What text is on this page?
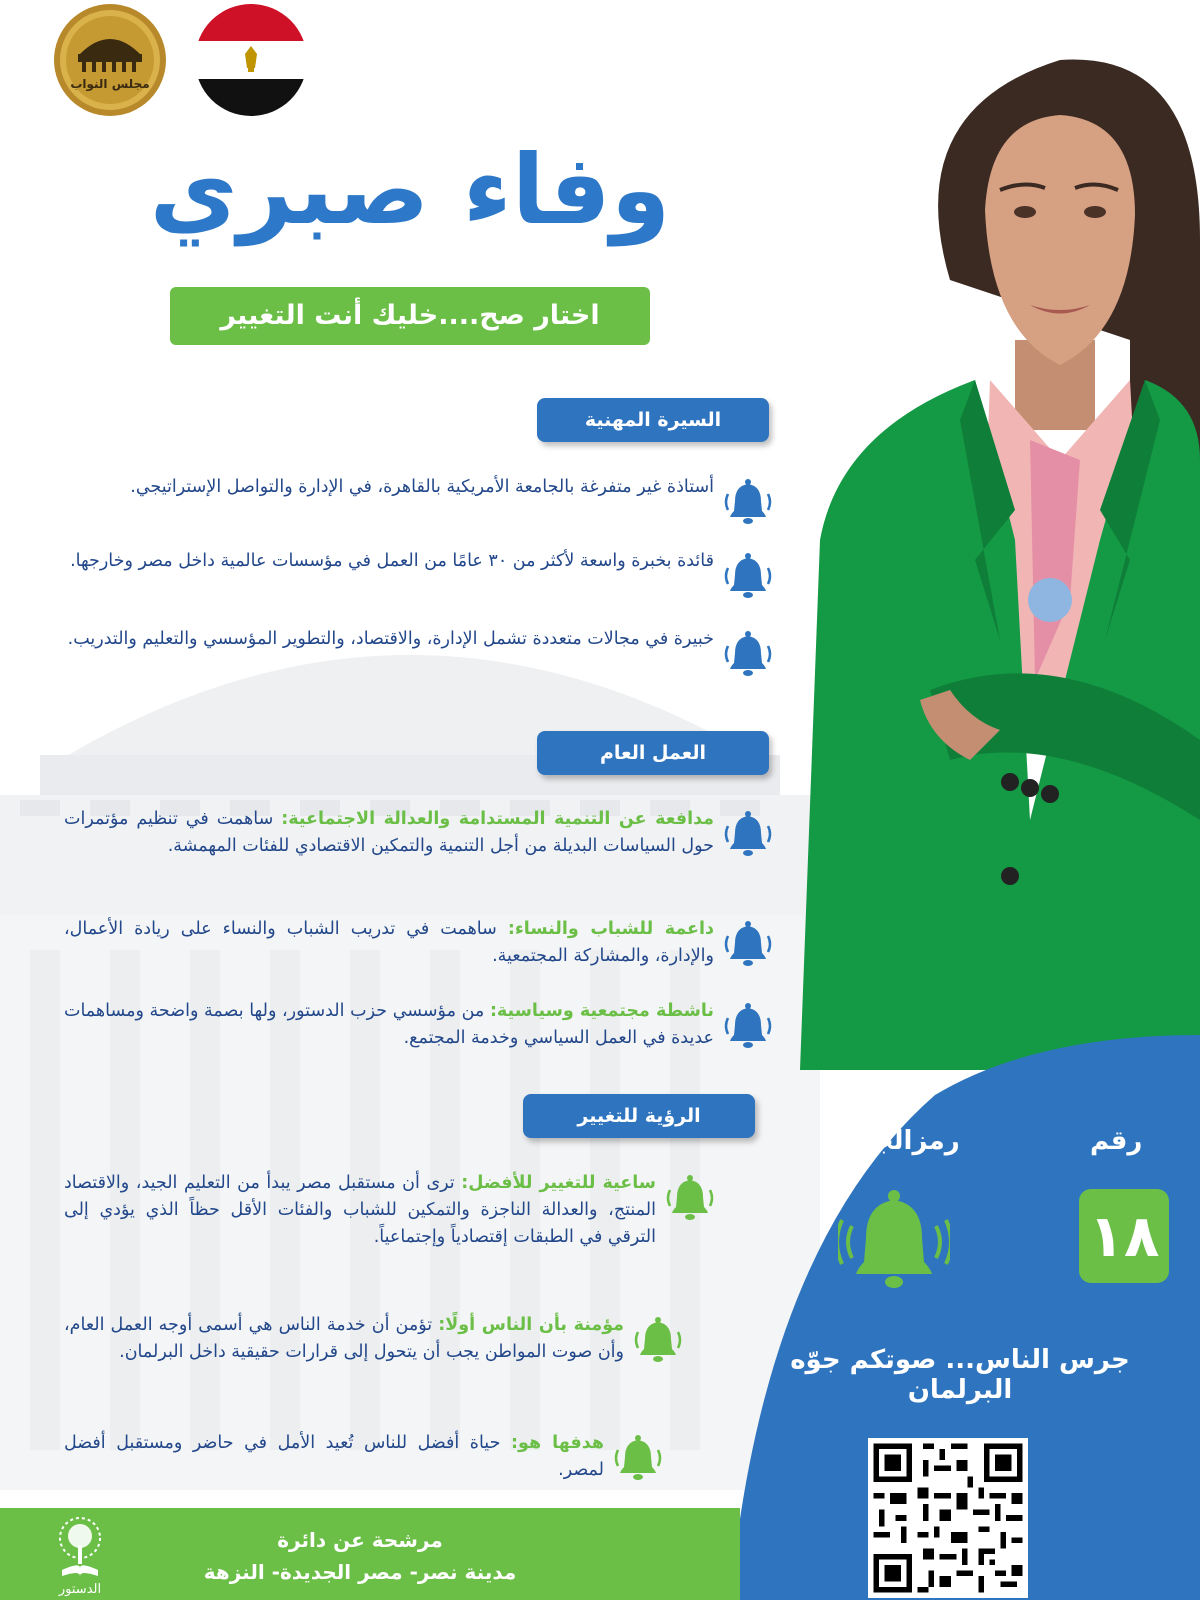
مجلس النواب
وفاء صبري
اختار صح....خليك أنت التغيير
رقم
رمزالجرس
١٨
جرس الناس... صوتكم جوّه البرلمان
مرشحة عن دائرة
مدينة نصر- مصر الجديدة- النزهة
الدستور
السيرة المهنية
أستاذة غير متفرغة بالجامعة الأمريكية بالقاهرة، في الإدارة والتواصل الإستراتيجي.
قائدة بخبرة واسعة لأكثر من ٣٠ عامًا من العمل في مؤسسات عالمية داخل مصر وخارجها.
خبيرة في مجالات متعددة تشمل الإدارة، والاقتصاد، والتطوير المؤسسي والتعليم والتدريب.
العمل العام
مدافعة عن التنمية المستدامة والعدالة الاجتماعية: ساهمت في تنظيم مؤتمرات حول السياسات البديلة من أجل التنمية والتمكين الاقتصادي للفئات المهمشة.
داعمة للشباب والنساء: ساهمت في تدريب الشباب والنساء على ريادة الأعمال، والإدارة، والمشاركة المجتمعية.
ناشطة مجتمعية وسياسية: من مؤسسي حزب الدستور، ولها بصمة واضحة ومساهمات عديدة في العمل السياسي وخدمة المجتمع.
الرؤية للتغيير
ساعية للتغيير للأفضل: ترى أن مستقبل مصر يبدأ من التعليم الجيد، والاقتصاد المنتج، والعدالة الناجزة والتمكين للشباب والفئات الأقل حظاً الذي يؤدي إلى الترقي في الطبقات إقتصادياً وإجتماعياً.
مؤمنة بأن الناس أولًا: تؤمن أن خدمة الناس هي أسمى أوجه العمل العام، وأن صوت المواطن يجب أن يتحول إلى قرارات حقيقية داخل البرلمان.
هدفها هو: حياة أفضل للناس تُعيد الأمل في حاضر ومستقبل أفضل لمصر.
